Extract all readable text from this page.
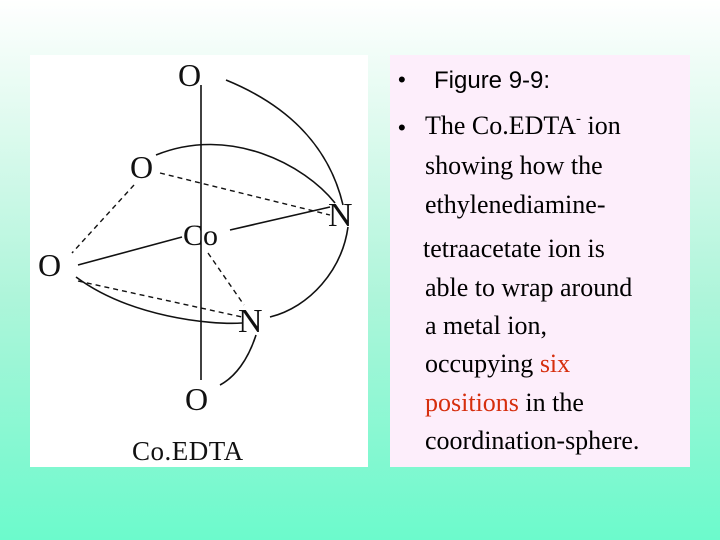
O
O
O
Co
N
N
O
Co.EDTA
• Figure 9-9:
• The Co.EDTA- ion
showing how the
ethylenediamine-
tetraacetate ion is
able to wrap around
a metal ion,
occupying six
positions in the
coordination-sphere.
